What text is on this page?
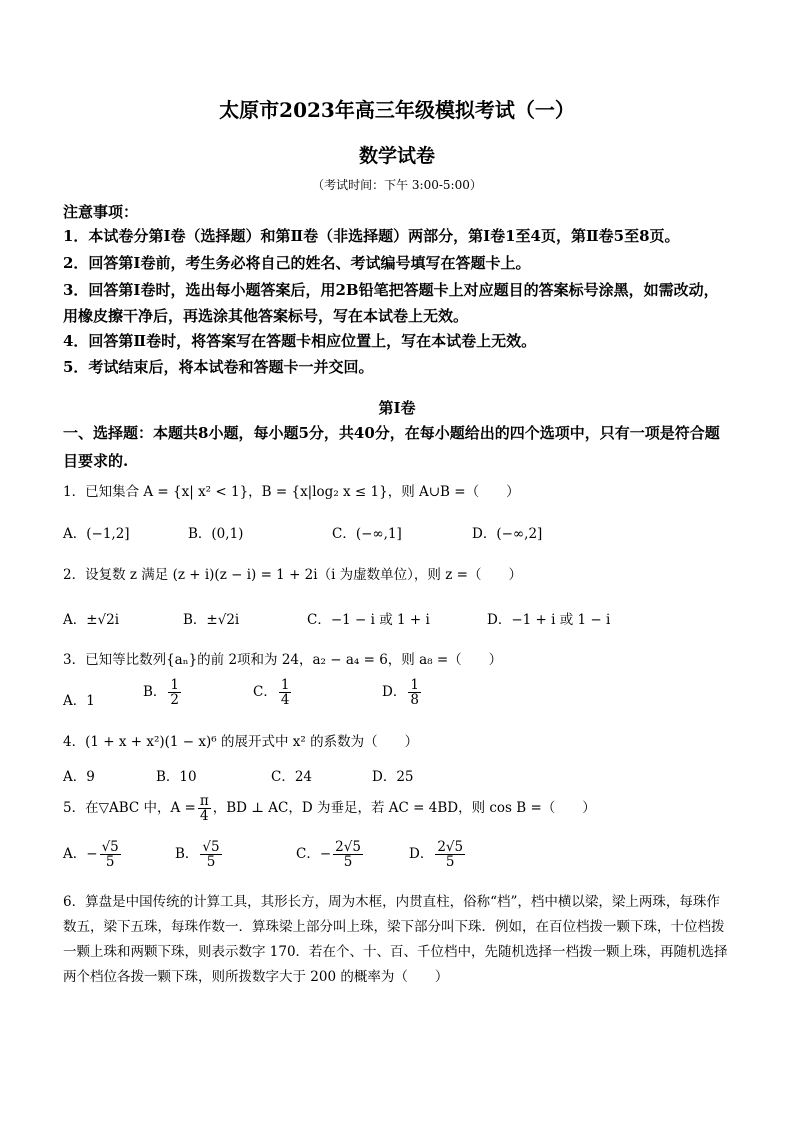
太原市2023年高三年级模拟考试（一）
数学试卷
（考试时间：下午 3:00-5:00）
注意事项：
1．本试卷分第Ⅰ卷（选择题）和第Ⅱ卷（非选择题）两部分，第Ⅰ卷1至4页，第Ⅱ卷5至8页。
2．回答第Ⅰ卷前，考生务必将自己的姓名、考试编号填写在答题卡上。
3．回答第Ⅰ卷时，选出每小题答案后，用2B铅笔把答题卡上对应题目的答案标号涂黑，如需改动，用橡皮擦干净后，再选涂其他答案标号，写在本试卷上无效。
4．回答第Ⅱ卷时，将答案写在答题卡相应位置上，写在本试卷上无效。
5．考试结束后，将本试卷和答题卡一并交回。
第Ⅰ卷
一、选择题：本题共8小题，每小题5分，共40分，在每小题给出的四个选项中，只有一项是符合题目要求的.
1．已知集合 A = {x| x² < 1}，B = {x|log₂ x ≤ 1}，则 A∪B =（　　）
A．(−1,2]	B．(0,1)	C．(−∞,1]	D．(−∞,2]
2．设复数 z 满足 (z + i)(z − i) = 1 + 2i（i 为虚数单位），则 z =（　　）
A．±√2i	B．±√2i	C．−1 − i 或 1 + i	D．−1 + i 或 1 − i
3．已知等比数列{aₙ}的前 2项和为 24，a₂ − a₄ = 6，则 a₈ =（　　）
A．1
B． $\frac{1}{2}$	C． $\frac{1}{4}$	D． $\frac{1}{8}$
4．(1 + x + x²)(1 − x)⁶ 的展开式中 x² 的系数为（　　）
A．9	B．10	C．24	D．25
5．在▽ABC 中，$A = \frac{\pi}{4}$ ，BD ⊥ AC，D 为垂足，若 AC = 4BD，则 cos B =（　　）
A．− $\frac{√5}{5}$	B． $\frac{√5}{5}$	C．− $\frac{2√5}{5}$	D． $\frac{2√5}{5}$
6．算盘是中国传统的计算工具，其形长方，周为木框，内贯直柱，俗称“档”，档中横以梁，梁上两珠，每珠作数五，梁下五珠，每珠作数一．算珠梁上部分叫上珠，梁下部分叫下珠．例如，在百位档拨一颗下珠，十位档拨一颗上珠和两颗下珠，则表示数字 170．若在个、十、百、千位档中，先随机选择一档拨一颗上珠，再随机选择两个档位各拨一颗下珠，则所拨数字大于 200 的概率为（　　）
